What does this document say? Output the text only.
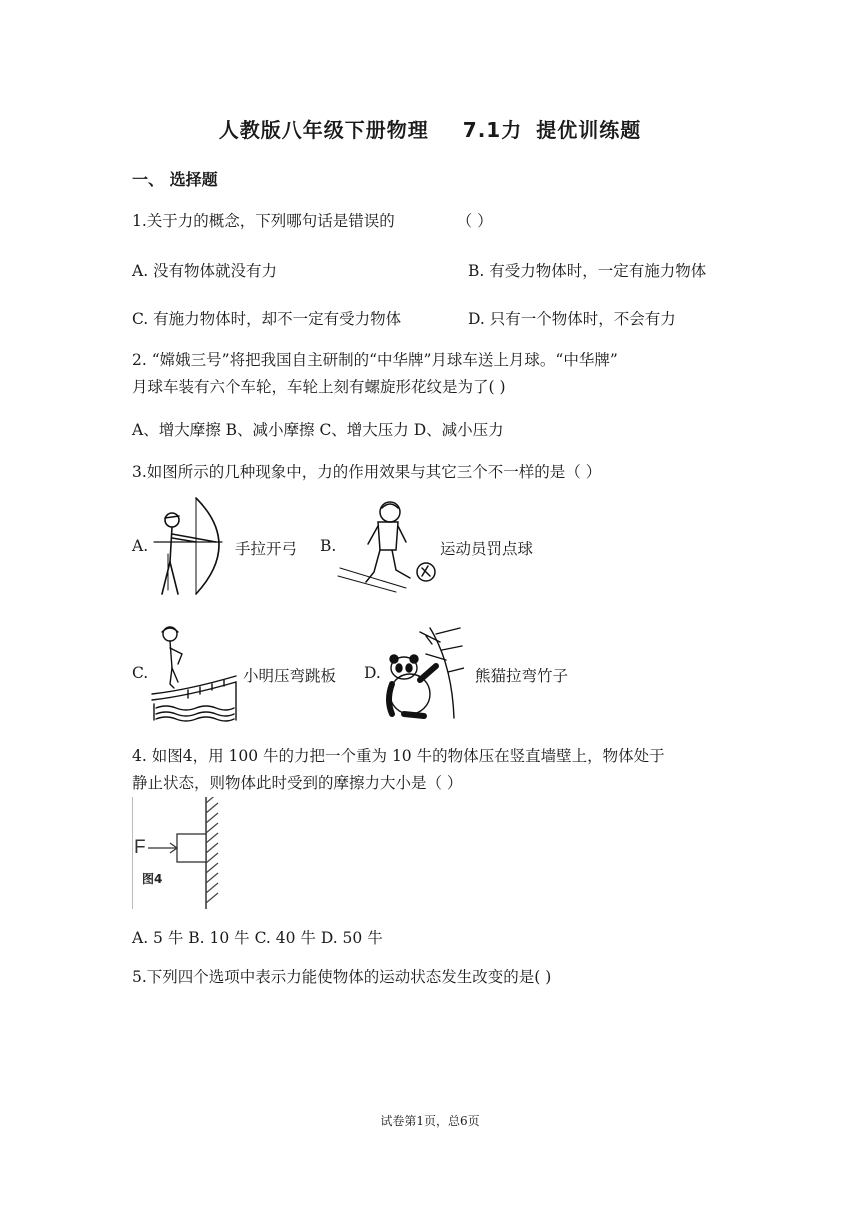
人教版八年级下册物理 7.1力 提优训练题
一、 选择题
1.关于力的概念，下列哪句话是错误的	（ ）
A. 没有物体就没有力	B. 有受力物体时，一定有施力物体
C. 有施力物体时，却不一定有受力物体	D. 只有一个物体时，不会有力
2. “嫦娥三号”将把我国自主研制的“中华牌”月球车送上月球。“中华牌”
月球车装有六个车轮，车轮上刻有螺旋形花纹是为了( )
A、增大摩擦 B、减小摩擦 C、增大压力 D、减小压力
3.如图所示的几种现象中，力的作用效果与其它三个不一样的是（ ）
A.	手拉开弓 B.	运动员罚点球
C.	小明压弯跳板 D.	熊猫拉弯竹子
4. 如图4，用 100 牛的力把一个重为 10 牛的物体压在竖直墙壁上，物体处于
静止状态，则物体此时受到的摩擦力大小是（ ）
F
图4
A. 5 牛 B. 10 牛 C. 40 牛 D. 50 牛
5.下列四个选项中表示力能使物体的运动状态发生改变的是( )
试卷第1页，总6页
